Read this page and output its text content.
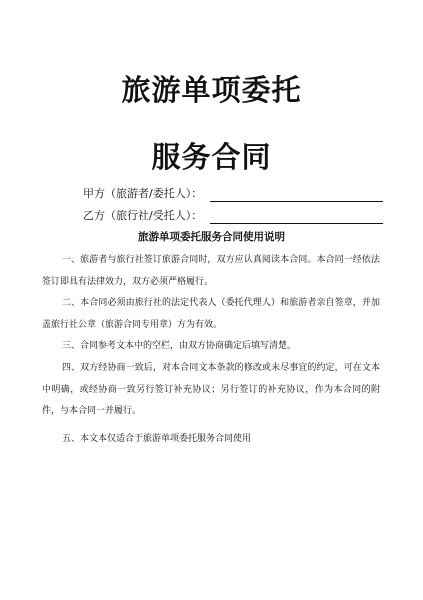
旅游单项委托
服务合同
甲方（旅游者/委托人）：
乙方（旅行社/受托人）：
旅游单项委托服务合同使用说明

一、旅游者与旅行社签订旅游合同时，双方应认真阅读本合同。本合同一经依法签订即具有法律效力，双方必须严格履行。

二、本合同必须由旅行社的法定代表人（委托代理人）和旅游者亲自签章，并加盖旅行社公章（旅游合同专用章）方为有效。

三、合同参考文本中的空栏，由双方协商确定后填写清楚。

四、双方经协商一致后，对本合同文本条款的修改或未尽事宜的约定，可在文本中明确，或经协商一致另行签订补充协议；另行签订的补充协议，作为本合同的附件，与本合同一并履行。

五、本文本仅适合于旅游单项委托服务合同使用
